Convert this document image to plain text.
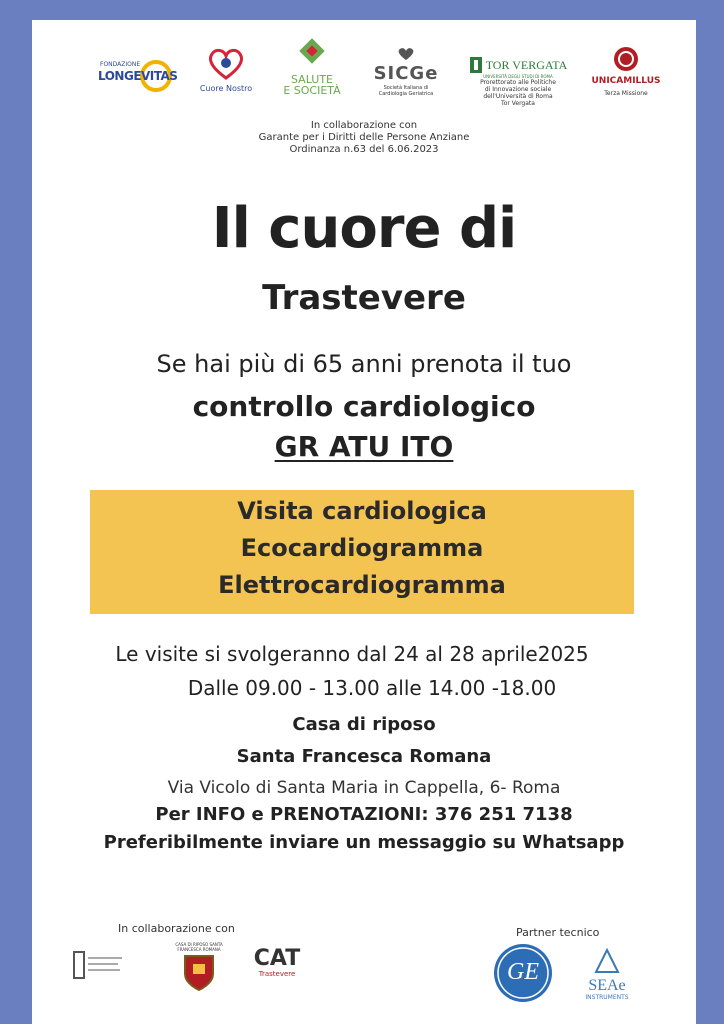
FONDAZIONE
LONGEVITAS
Cuore Nostro
SALUTE
E SOCIETÀ
SICGe
Società Italiana di Cardiologia Geriatrica
TOR VERGATA
UNIVERSITÀ DEGLI STUDI DI ROMA
Prorettorato alle Politiche
di Innovazione sociale
dell'Università di Roma
Tor Vergata
UNICAMILLUS
Terza Missione
In collaborazione con
Garante per i Diritti delle Persone Anziane
Ordinanza n.63 del 6.06.2023
Il cuore di
Trastevere
Se hai più di 65 anni prenota il tuo
controllo cardiologico
GR ATU ITO
Visita cardiologica
Ecocardiogramma
Elettrocardiogramma
Le visite si svolgeranno dal 24 al 28 aprile2025
Dalle 09.00 - 13.00 alle 14.00 -18.00
Casa di riposo
Santa Francesca Romana
Via Vicolo di Santa Maria in Cappella, 6- Roma
Per INFO e PRENOTAZIONI: 376 251 7138
Preferibilmente inviare un messaggio su Whatsapp
In collaborazione con	Partner tecnico
CASA DI RIPOSO SANTA FRANCESCA ROMANA	CAT
Trastevere	GE
SEAe
INSTRUMENTS
